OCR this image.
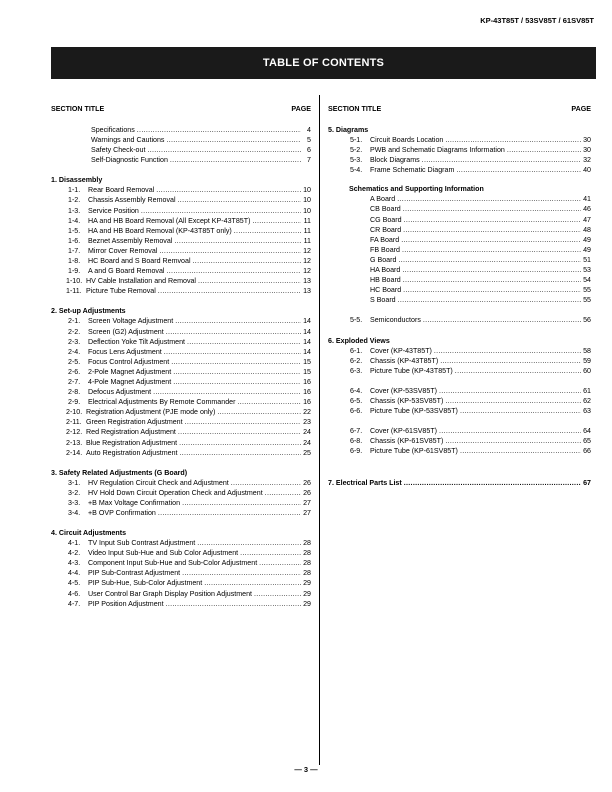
KP-43T85T / 53SV85T / 61SV85T
TABLE OF CONTENTS
SECTION TITLE	PAGE
Specifications .....	4
Warnings and Cautions .....	5
Safety Check-out .....	6
Self-Diagnostic Function .....	7
1. Disassembly
1-1.	Rear Board Removal .....	10
1-2.	Chassis Assembly Removal .....	10
1-3.	Service Position .....	10
1-4.	HA and HB Board Removal (All Except KP-43T85T) .....	11
1-5.	HA and HB Board Removal (KP-43T85T only) .....	11
1-6.	Beznet Assembly Removal .....	11
1-7.	Mirror Cover Removal .....	12
1-8.	HC Board and S Board Remvoal .....	12
1-9.	A and G Board Removal .....	12
1-10. HV Cable Installation and Removal .....	13
1-11. Picture Tube Removal .....	13
2. Set-up Adjustments
2-1.	Screen Voltage Adjustment .....	14
2-2.	Screen (G2) Adjustment .....	14
2-3.	Deflection Yoke Tilt Adjustment .....	14
2-4.	Focus Lens Adjustment .....	14
2-5.	Focus Control Adjustment .....	15
2-6.	2-Pole Magnet Adjustment .....	15
2-7.	4-Pole Magnet Adjustment .....	16
2-8.	Defocus Adjustment .....	16
2-9.	Electrical Adjustments By Remote Commander .....	16
2-10. Registration Adjustment (PJE mode only) .....	22
2-11. Green Registration Adjustment .....	23
2-12. Red Registration Adjustment .....	24
2-13. Blue Registration Adjustment .....	24
2-14. Auto Registration Adjustment .....	25
3. Safety Related Adjustments (G Board)
3-1.	HV Regulation Circuit Check and Adjustment .....	26
3-2.	HV Hold Down Circuit Operation Check and Adjustment .....	26
3-3.	+B Max Voltage Confirmation .....	27
3-4.	+B OVP Confirmation .....	27
4. Circuit Adjustments
4-1.	TV Input Sub Contrast Adjustment .....	28
4-2.	Video Input Sub-Hue and Sub Color Adjustment .....	28
4-3.	Component Input Sub-Hue and Sub-Color Adjustment .....	28
4-4.	PIP Sub-Contrast Adjustment .....	28
4-5.	PIP Sub-Hue, Sub-Color Adjustment .....	29
4-6.	User Control Bar Graph Display Position Adjustment .....	29
4-7.	PIP Position Adjustment .....	29
SECTION TITLE	PAGE
5. Diagrams
5-1.	Circuit Boards Location .....	30
5-2.	PWB and Schematic Diagrams Information .....	30
5-3.	Block Diagrams .....	32
5-4.	Frame Schematic Diagram .....	40
Schematics and Supporting Information
A Board .....	41
CB Board .....	46
CG Board .....	47
CR Board .....	48
FA Board .....	49
FB Board .....	49
G Board .....	51
HA Board .....	53
HB Board .....	54
HC Board .....	55
S Board .....	55
5-5.	Semiconductors .....	56
6. Exploded Views
6-1.	Cover (KP-43T85T) .....	58
6-2.	Chassis (KP-43T85T) .....	59
6-3.	Picture Tube (KP-43T85T) .....	60
6-4.	Cover (KP-53SV85T) .....	61
6-5.	Chassis (KP-53SV85T) .....	62
6-6.	Picture Tube (KP-53SV85T) .....	63
6-7.	Cover (KP-61SV85T) .....	64
6-8.	Chassis (KP-61SV85T) .....	65
6-9.	Picture Tube (KP-61SV85T) .....	66
7. Electrical Parts List .....	67
— 3 —
